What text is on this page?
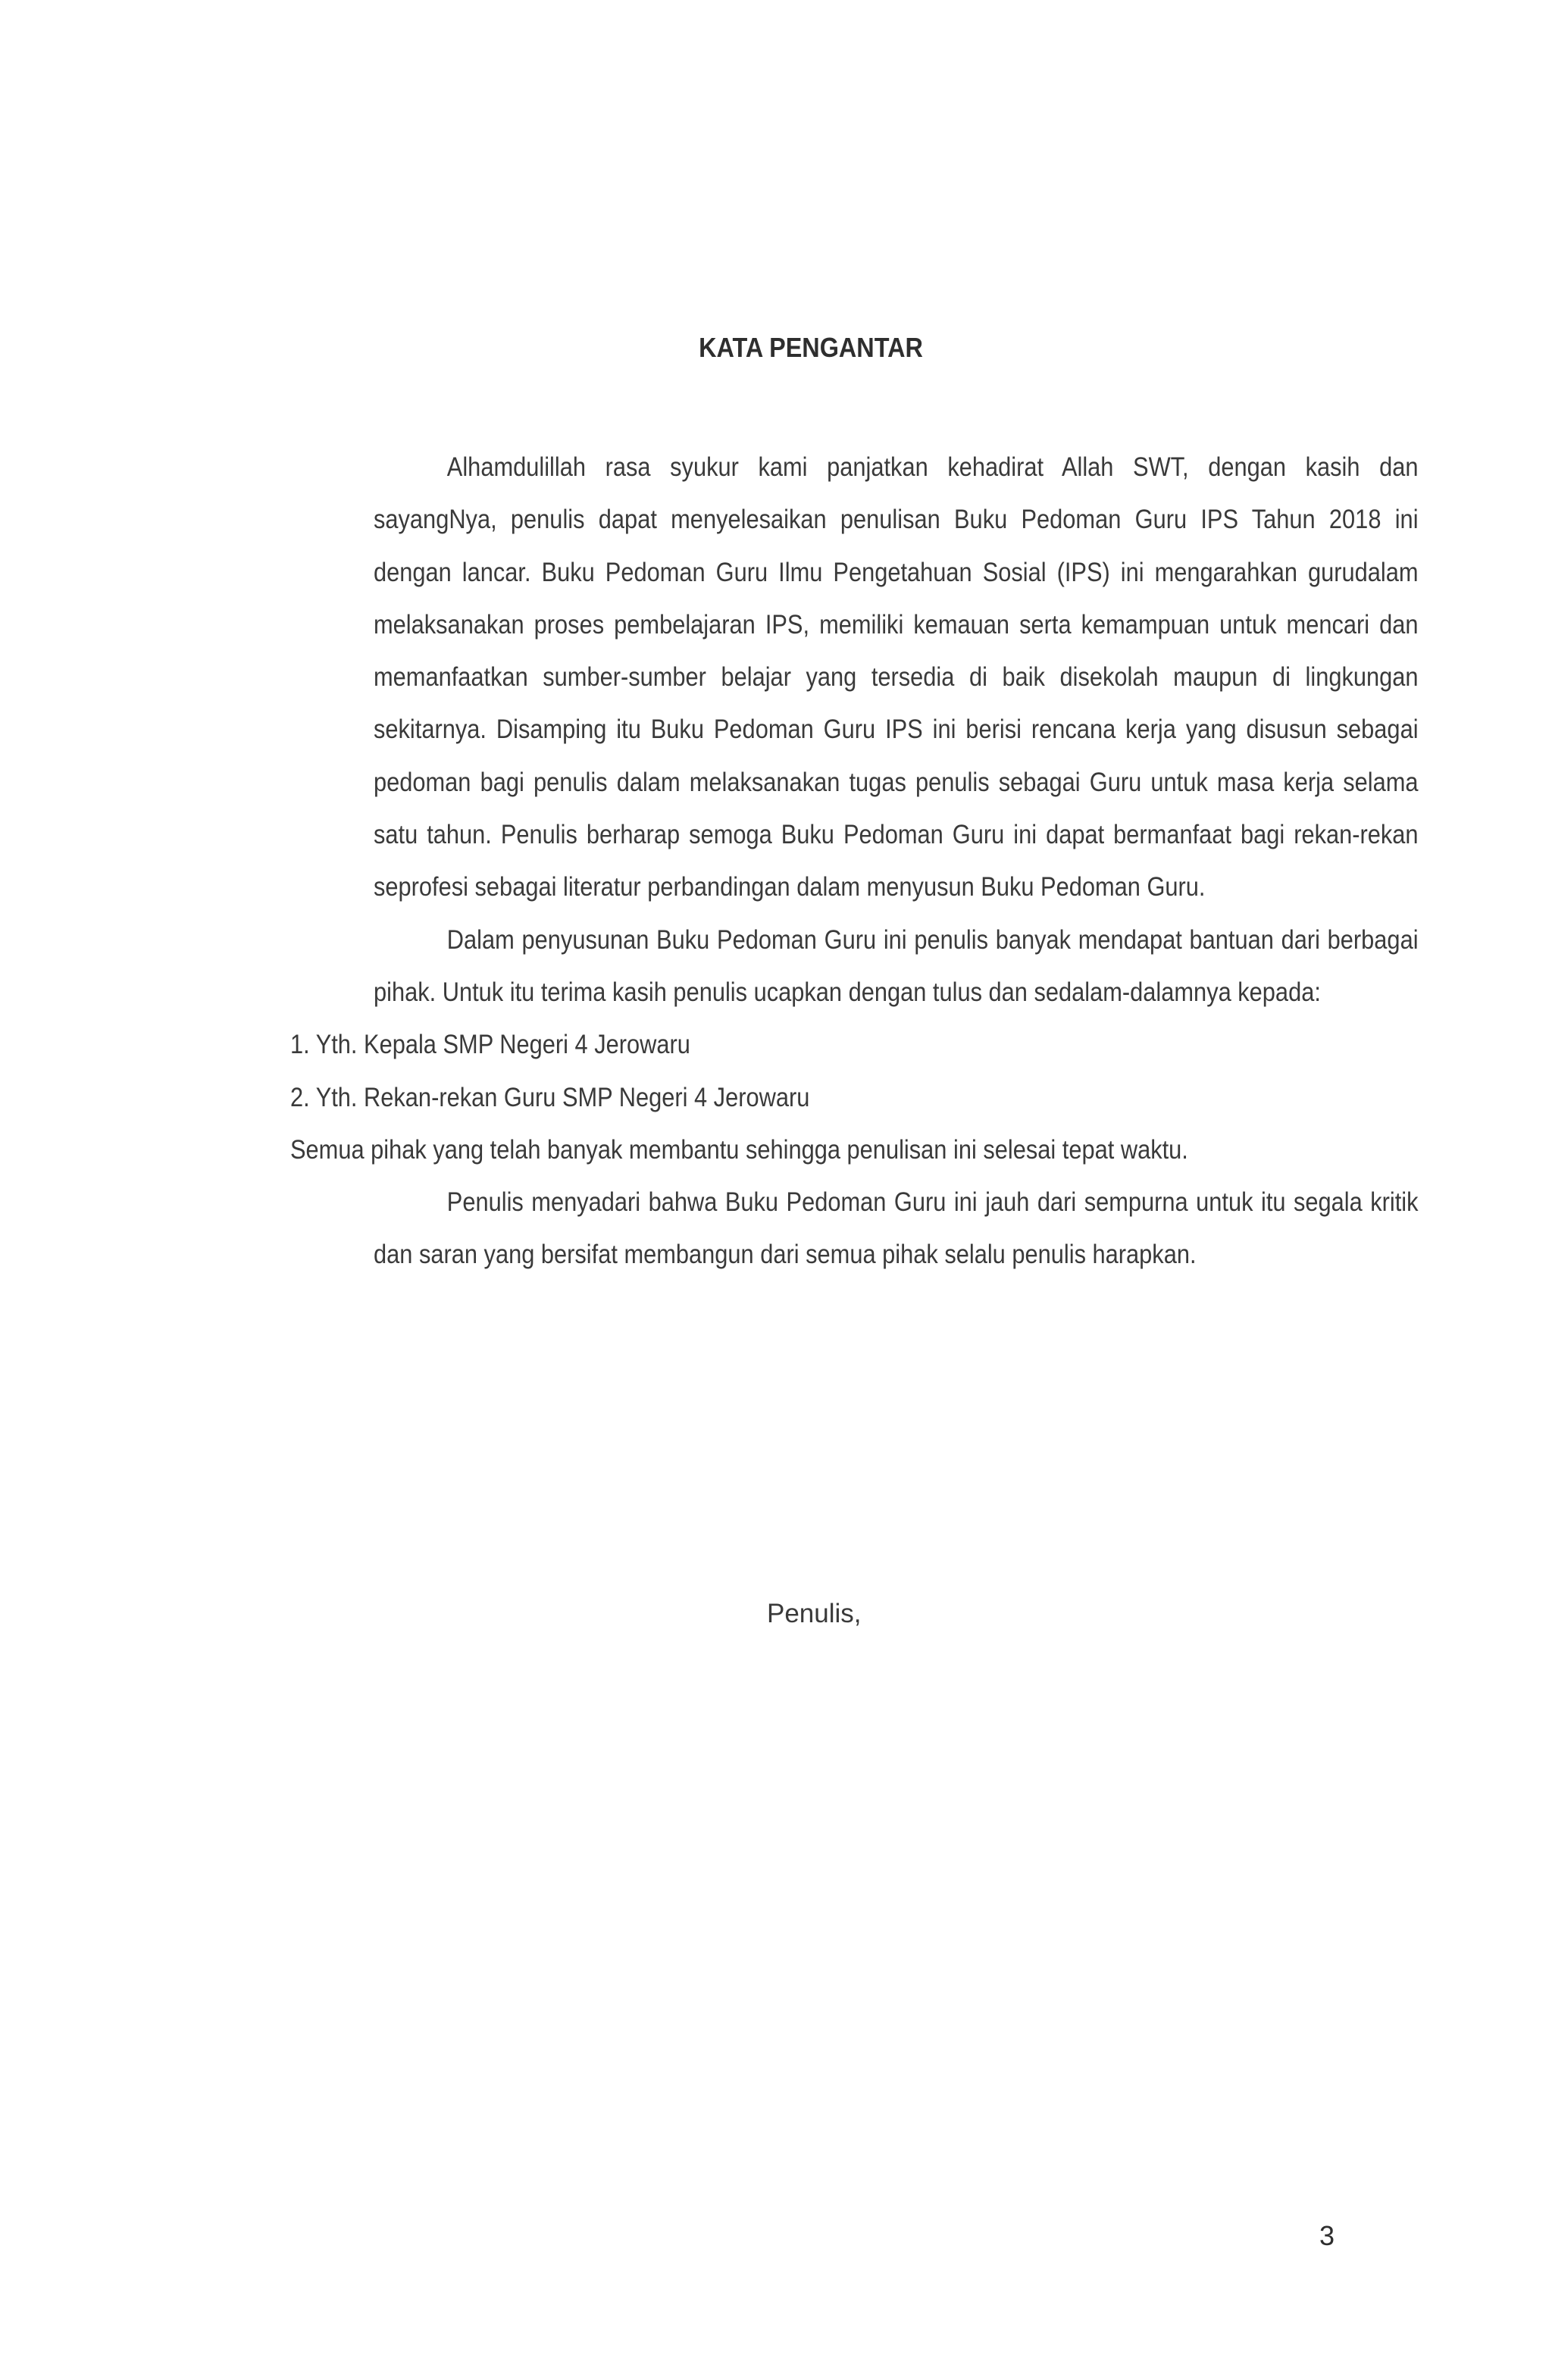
KATA PENGANTAR

Alhamdulillah rasa syukur kami panjatkan kehadirat Allah SWT, dengan kasih dan sayangNya, penulis dapat menyelesaikan penulisan Buku Pedoman Guru IPS Tahun 2018 ini dengan lancar. Buku Pedoman Guru Ilmu Pengetahuan Sosial (IPS) ini mengarahkan gurudalam melaksanakan proses pembelajaran IPS, memiliki kemauan serta kemampuan untuk mencari dan memanfaatkan sumber-sumber belajar yang tersedia di baik disekolah maupun di lingkungan sekitarnya. Disamping itu Buku Pedoman Guru IPS ini berisi rencana kerja yang disusun sebagai pedoman bagi penulis dalam melaksanakan tugas penulis sebagai Guru untuk masa kerja selama satu tahun. Penulis berharap semoga Buku Pedoman Guru ini dapat bermanfaat bagi rekan-rekan seprofesi sebagai literatur perbandingan dalam menyusun Buku Pedoman Guru.

Dalam penyusunan Buku Pedoman Guru ini penulis banyak mendapat bantuan dari berbagai pihak. Untuk itu terima kasih penulis ucapkan dengan tulus dan sedalam-dalamnya kepada:

1. Yth. Kepala SMP Negeri 4 Jerowaru

2. Yth. Rekan-rekan Guru SMP Negeri 4 Jerowaru

Semua pihak yang telah banyak membantu sehingga penulisan ini selesai tepat waktu.

Penulis menyadari bahwa Buku Pedoman Guru ini jauh dari sempurna untuk itu segala kritik dan saran yang bersifat membangun dari semua pihak selalu penulis harapkan.

Penulis,
3
